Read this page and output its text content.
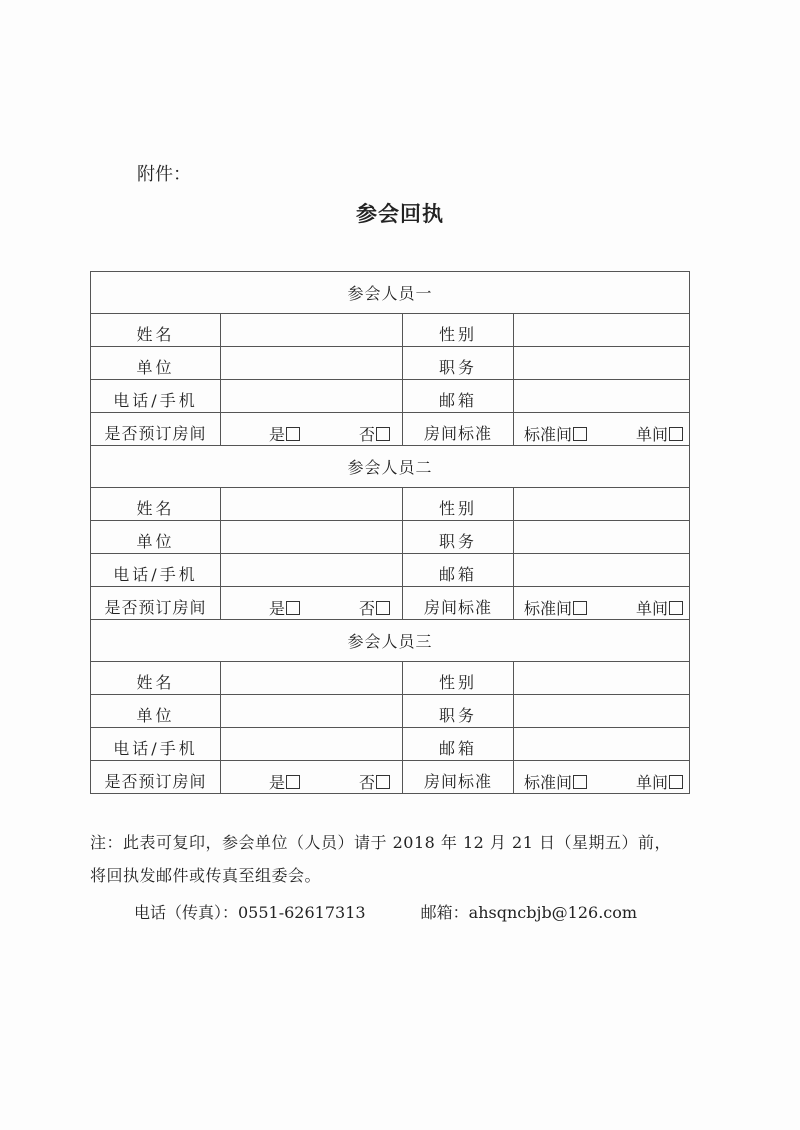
附件：
参会回执
参会人员一			
姓名		性别	
单位		职务	
电话/手机		邮箱	
是否预订房间	是 否	房间标准	标准间 单间

参会人员二			
姓名		性别	
单位		职务	
电话/手机		邮箱	
是否预订房间	是 否	房间标准	标准间 单间

参会人员三			
姓名		性别	
单位		职务	
电话/手机		邮箱	
是否预订房间	是 否	房间标准	标准间 单间
注：此表可复印，参会单位（人员）请于 2018 年 12 月 21 日（星期五）前，
将回执发邮件或传真至组委会。
电话（传真）：0551-62617313	邮箱：ahsqncbjb@126.com
